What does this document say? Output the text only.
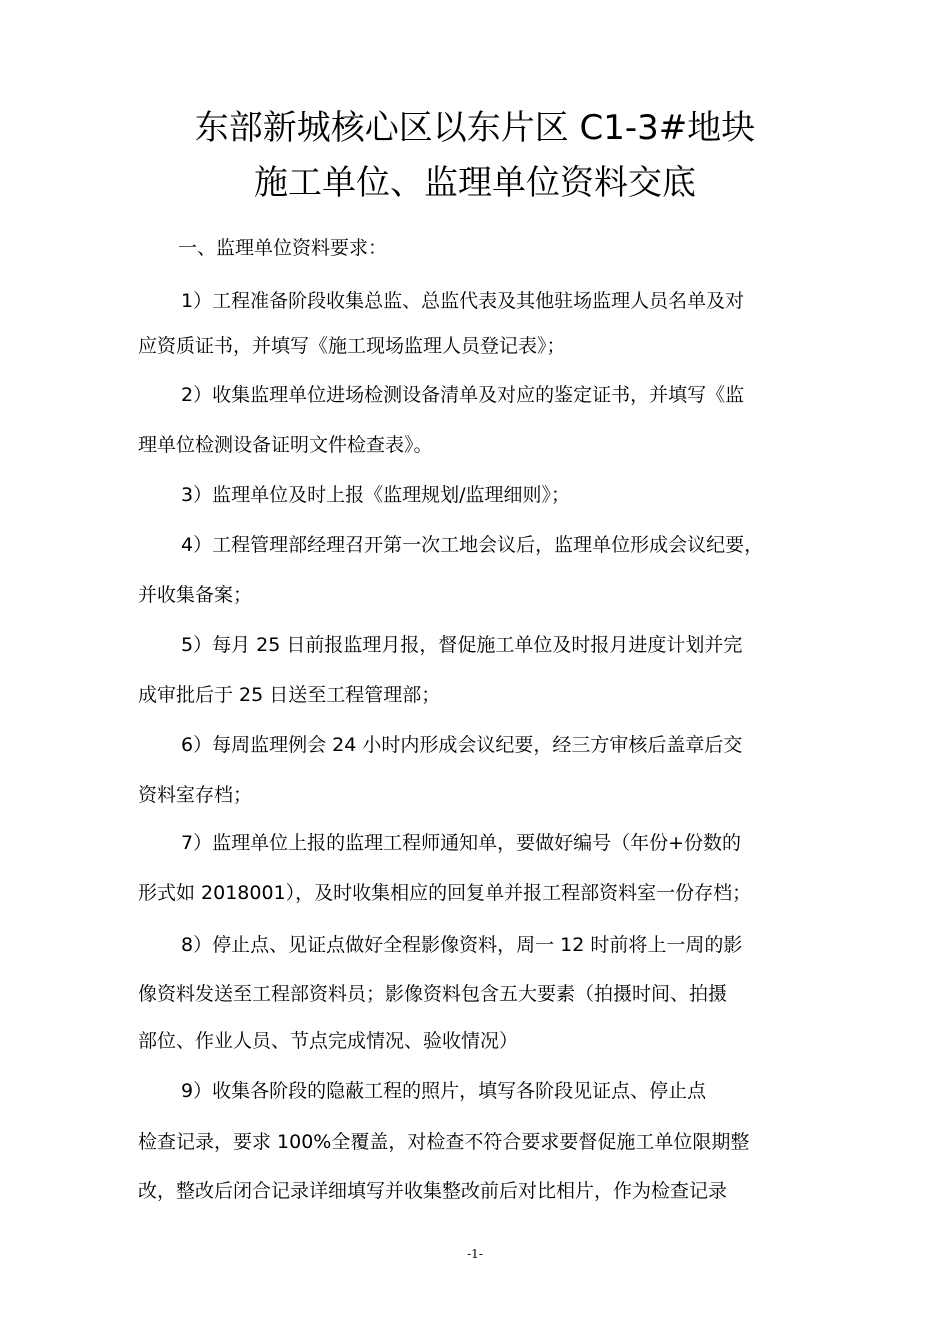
东部新城核心区以东片区 C1-3#地块
施工单位、监理单位资料交底
一、监理单位资料要求：
1）工程准备阶段收集总监、总监代表及其他驻场监理人员名单及对
应资质证书，并填写《施工现场监理人员登记表》；
2）收集监理单位进场检测设备清单及对应的鉴定证书，并填写《监
理单位检测设备证明文件检查表》。
3）监理单位及时上报《监理规划/监理细则》；
4）工程管理部经理召开第一次工地会议后，监理单位形成会议纪要，
并收集备案；
5）每月 25 日前报监理月报，督促施工单位及时报月进度计划并完
成审批后于 25 日送至工程管理部；
6）每周监理例会 24 小时内形成会议纪要，经三方审核后盖章后交
资料室存档；
7）监理单位上报的监理工程师通知单，要做好编号（年份+份数的
形式如 2018001），及时收集相应的回复单并报工程部资料室一份存档；
8）停止点、见证点做好全程影像资料，周一 12 时前将上一周的影
像资料发送至工程部资料员；影像资料包含五大要素（拍摄时间、拍摄
部位、作业人员、节点完成情况、验收情况）
9）收集各阶段的隐蔽工程的照片，填写各阶段见证点、停止点
检查记录，要求 100%全覆盖，对检查不符合要求要督促施工单位限期整
改，整改后闭合记录详细填写并收集整改前后对比相片，作为检查记录
-1-
